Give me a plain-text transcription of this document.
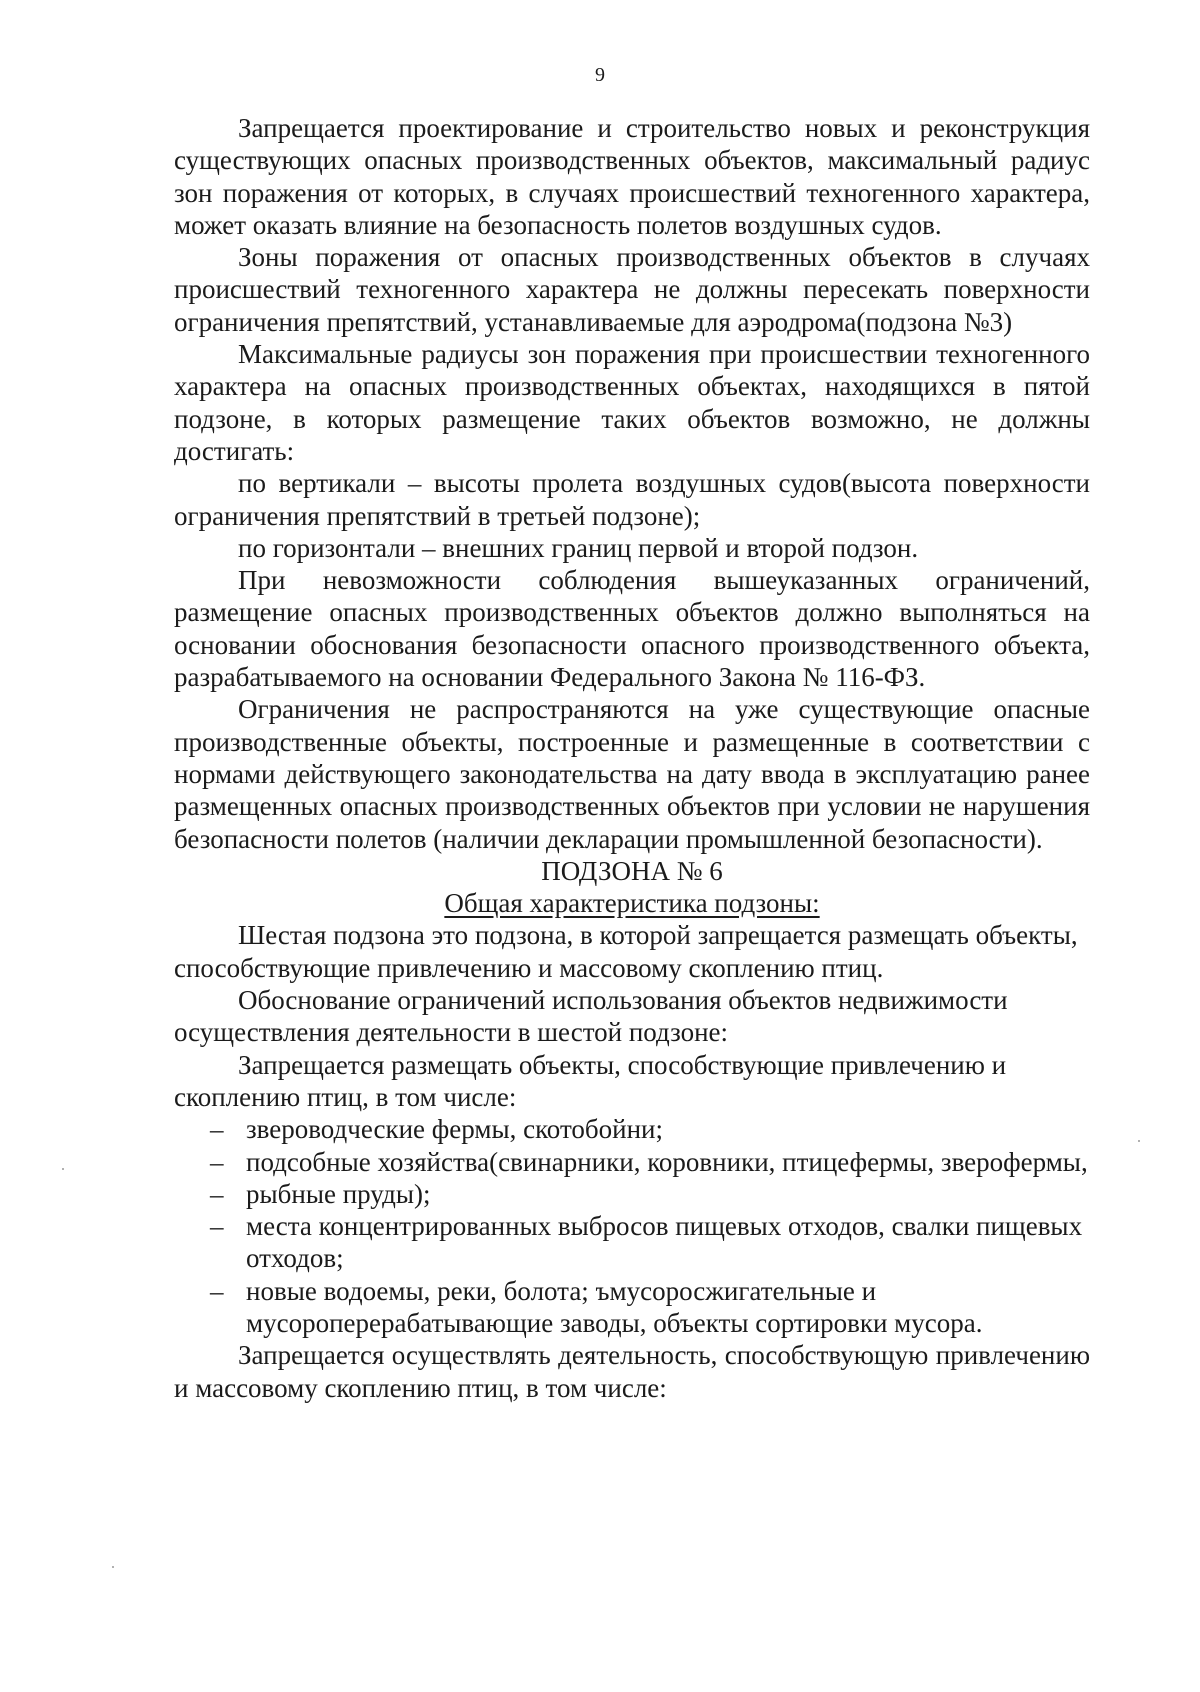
9

Запрещается проектирование и строительство новых и реконструкция существующих опасных производственных объектов, максимальный радиус зон поражения от которых, в случаях происшествий техногенного характера, может оказать влияние на безопасность полетов воздушных судов.

Зоны поражения от опасных производственных объектов в случаях происшествий техногенного характера не должны пересекать поверхности ограничения препятствий, устанавливаемые для аэродрома(подзона №3)

Максимальные радиусы зон поражения при происшествии техногенного характера на опасных производственных объектах, находящихся в пятой подзоне, в которых размещение таких объектов возможно, не должны достигать:

по вертикали – высоты пролета воздушных судов(высота поверхности ограничения препятствий в третьей подзоне);

по горизонтали – внешних границ первой и второй подзон.

При невозможности соблюдения вышеуказанных ограничений, размещение опасных производственных объектов должно выполняться на основании обоснования безопасности опасного производственного объекта, разрабатываемого на основании Федерального Закона № 116-ФЗ.

Ограничения не распространяются на уже существующие опасные производственные объекты, построенные и размещенные в соответствии с нормами действующего законодательства на дату ввода в эксплуатацию ранее размещенных опасных производственных объектов при условии не нарушения безопасности полетов (наличии декларации промышленной безопасности).

ПОДЗОНА № 6

Общая характеристика подзоны:

Шестая подзона это подзона, в которой запрещается размещать объекты, способствующие привлечению и массовому скоплению птиц.

Обоснование ограничений использования объектов недвижимости осуществления деятельности в шестой подзоне:

Запрещается размещать объекты, способствующие привлечению и скоплению птиц, в том числе:

– звероводческие фермы, скотобойни;
– подсобные хозяйства(свинарники, коровники, птицефермы, зверофермы,
– рыбные пруды);
– места концентрированных выбросов пищевых отходов, свалки пищевых отходов;
– новые водоемы, реки, болота; ъмусоросжигательные и мусороперерабатывающие заводы, объекты сортировки мусора.

Запрещается осуществлять деятельность, способствующую привлечению и массовому скоплению птиц, в том числе:
